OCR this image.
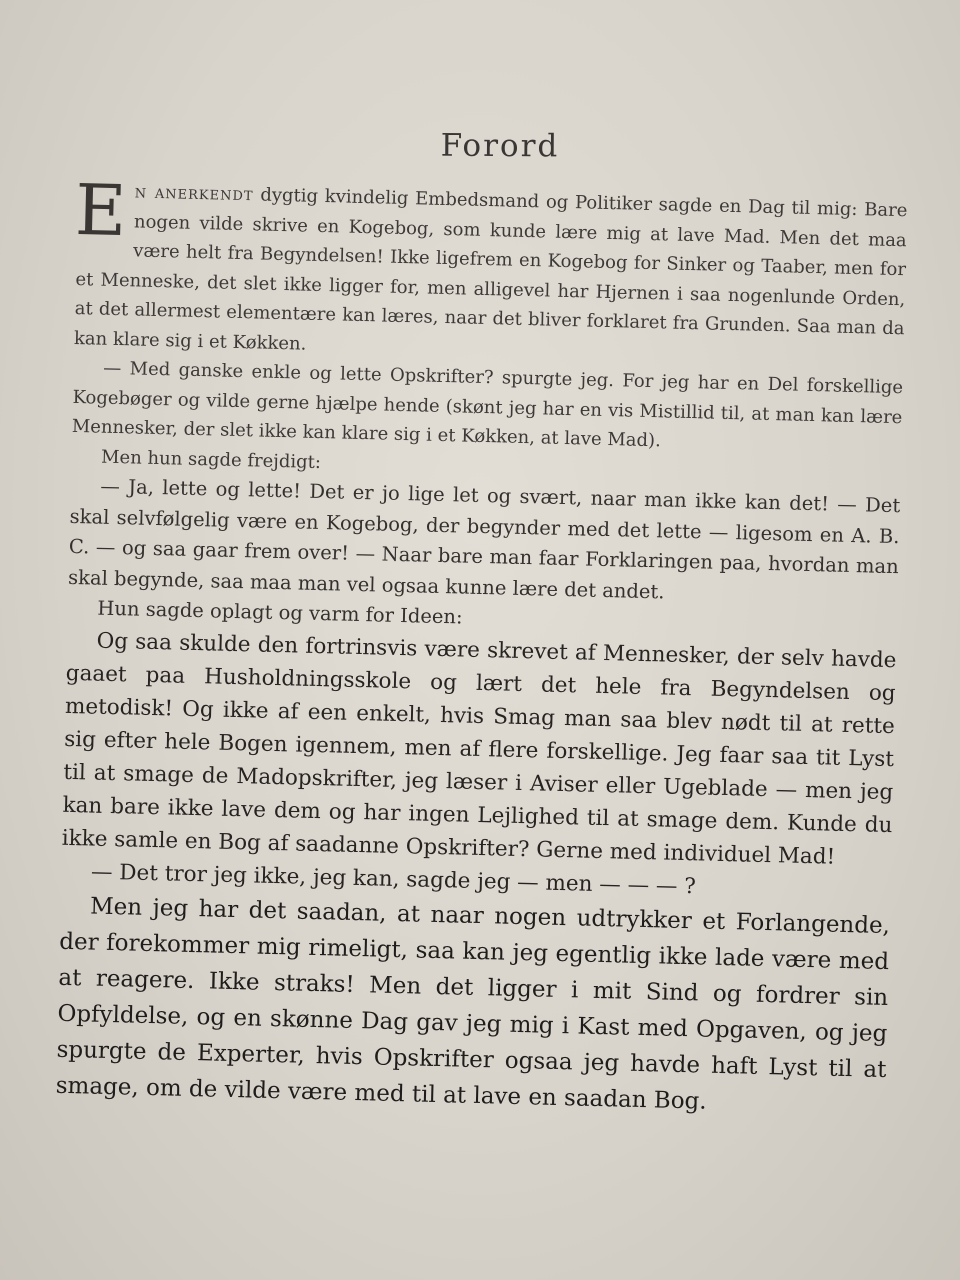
Forord

En anerkendt dygtig kvindelig Embedsmand og Politiker sagde en Dag til mig: Bare nogen vilde skrive en Kogebog, som kunde lære mig at lave Mad. Men det maa være helt fra Begyndelsen! Ikke ligefrem en Kogebog for Sinker og Taaber, men for et Menneske, det slet ikke ligger for, men alligevel har Hjernen i saa nogenlunde Orden, at det allermest elementære kan læres, naar det bliver forklaret fra Grunden. Saa man da kan klare sig i et Køkken.

— Med ganske enkle og lette Opskrifter? spurgte jeg. For jeg har en Del forskellige Kogebøger og vilde gerne hjælpe hende (skønt jeg har en vis Mistillid til, at man kan lære Mennesker, der slet ikke kan klare sig i et Køkken, at lave Mad).

Men hun sagde frejdigt:

— Ja, lette og lette! Det er jo lige let og svært, naar man ikke kan det! — Det skal selvfølgelig være en Kogebog, der begynder med det lette — ligesom en A. B. C. — og saa gaar frem over! — Naar bare man faar Forklaringen paa, hvordan man skal begynde, saa maa man vel ogsaa kunne lære det andet.

Hun sagde oplagt og varm for Ideen:

Og saa skulde den fortrinsvis være skrevet af Mennesker, der selv havde gaaet paa Husholdningsskole og lært det hele fra Begyndelsen og metodisk! Og ikke af een enkelt, hvis Smag man saa blev nødt til at rette sig efter hele Bogen igennem, men af flere forskellige. Jeg faar saa tit Lyst til at smage de Madopskrifter, jeg læser i Aviser eller Ugeblade — men jeg kan bare ikke lave dem og har ingen Lejlighed til at smage dem. Kunde du ikke samle en Bog af saadanne Opskrifter? Gerne med individuel Mad!

— Det tror jeg ikke, jeg kan, sagde jeg — men — — — ?

Men jeg har det saadan, at naar nogen udtrykker et Forlangende, der forekommer mig rimeligt, saa kan jeg egentlig ikke lade være med at reagere. Ikke straks! Men det ligger i mit Sind og fordrer sin Opfyldelse, og en skønne Dag gav jeg mig i Kast med Opgaven, og jeg spurgte de Experter, hvis Opskrifter ogsaa jeg havde haft Lyst til at smage, om de vilde være med til at lave en saadan Bog.
